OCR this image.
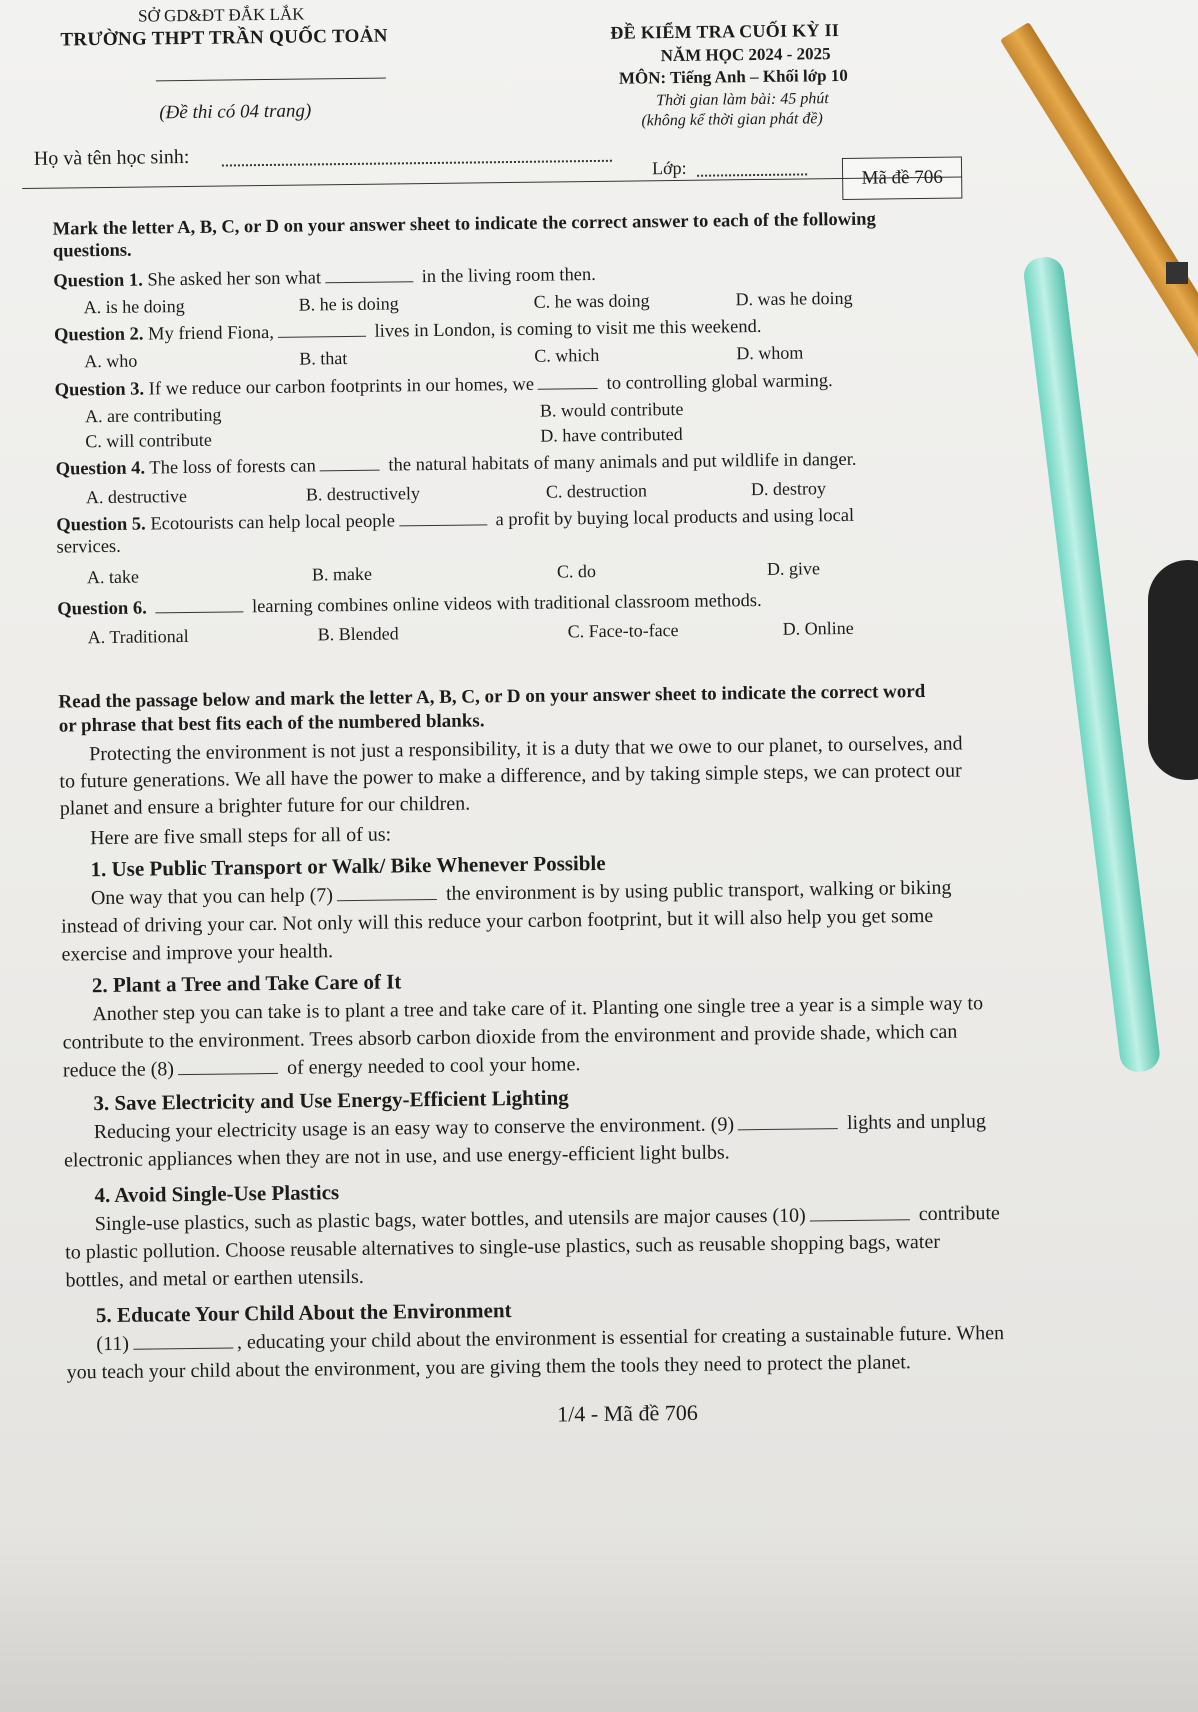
SỞ GD&ĐT ĐẮK LẮK
TRƯỜNG THPT TRẦN QUỐC TOẢN
(Đề thi có 04 trang)
ĐỀ KIỂM TRA CUỐI KỲ II
NĂM HỌC 2024 - 2025
MÔN: Tiếng Anh – Khối lớp 10
Thời gian làm bài: 45 phút
(không kể thời gian phát đề)
Họ và tên học sinh:	Lớp:	Mã đề 706
Mark the letter A, B, C, or D on your answer sheet to indicate the correct answer to each of the following
questions.
Question 1. She asked her son what	in the living room then.
A. is he doing	B. he is doing	C. he was doing	D. was he doing
Question 2. My friend Fiona,	lives in London, is coming to visit me this weekend.
A. who	B. that	C. which	D. whom
Question 3. If we reduce our carbon footprints in our homes, we	to controlling global warming.
A. are contributing	B. would contribute
C. will contribute	D. have contributed
Question 4. The loss of forests can	the natural habitats of many animals and put wildlife in danger.
A. destructive	B. destructively	C. destruction	D. destroy
Question 5. Ecotourists can help local people	a profit by buying local products and using local
services.
A. take	B. make	C. do	D. give
Question 6.	learning combines online videos with traditional classroom methods.
A. Traditional	B. Blended	C. Face-to-face	D. Online
Read the passage below and mark the letter A, B, C, or D on your answer sheet to indicate the correct word
or phrase that best fits each of the numbered blanks.
Protecting the environment is not just a responsibility, it is a duty that we owe to our planet, to ourselves, and
to future generations. We all have the power to make a difference, and by taking simple steps, we can protect our
planet and ensure a brighter future for our children.
Here are five small steps for all of us:
1. Use Public Transport or Walk/ Bike Whenever Possible
One way that you can help (7)	the environment is by using public transport, walking or biking
instead of driving your car. Not only will this reduce your carbon footprint, but it will also help you get some
exercise and improve your health.
2. Plant a Tree and Take Care of It
Another step you can take is to plant a tree and take care of it. Planting one single tree a year is a simple way to
contribute to the environment. Trees absorb carbon dioxide from the environment and provide shade, which can
reduce the (8)	of energy needed to cool your home.
3. Save Electricity and Use Energy-Efficient Lighting
Reducing your electricity usage is an easy way to conserve the environment. (9)	lights and unplug
electronic appliances when they are not in use, and use energy-efficient light bulbs.
4. Avoid Single-Use Plastics
Single-use plastics, such as plastic bags, water bottles, and utensils are major causes (10)	contribute
to plastic pollution. Choose reusable alternatives to single-use plastics, such as reusable shopping bags, water
bottles, and metal or earthen utensils.
5. Educate Your Child About the Environment
(11)	, educating your child about the environment is essential for creating a sustainable future. When
you teach your child about the environment, you are giving them the tools they need to protect the planet.
1/4 - Mã đề 706
